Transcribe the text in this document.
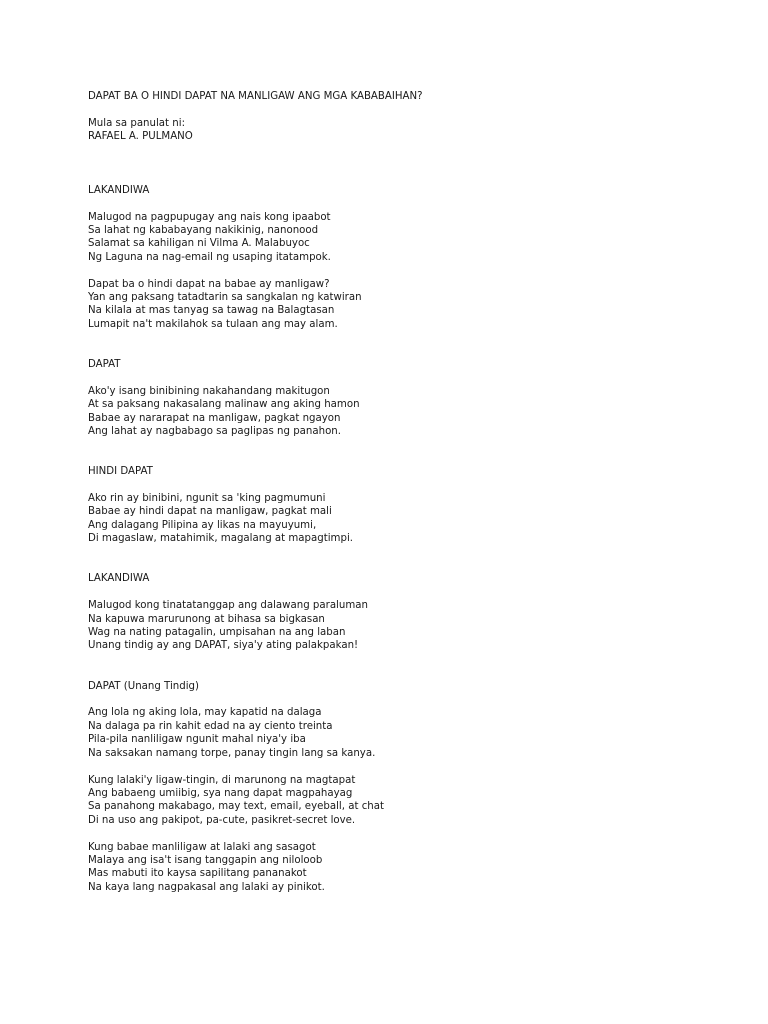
DAPAT BA O HINDI DAPAT NA MANLIGAW ANG MGA KABABAIHAN?
Mula sa panulat ni:
RAFAEL A. PULMANO
LAKANDIWA
Malugod na pagpupugay ang nais kong ipaabot
Sa lahat ng kababayang nakikinig, nanonood
Salamat sa kahiligan ni Vilma A. Malabuyoc
Ng Laguna na nag-email ng usaping itatampok.
Dapat ba o hindi dapat na babae ay manligaw?
Yan ang paksang tatadtarin sa sangkalan ng katwiran
Na kilala at mas tanyag sa tawag na Balagtasan
Lumapit na't makilahok sa tulaan ang may alam.
DAPAT
Ako'y isang binibining nakahandang makitugon
At sa paksang nakasalang malinaw ang aking hamon
Babae ay nararapat na manligaw, pagkat ngayon
Ang lahat ay nagbabago sa paglipas ng panahon.
HINDI DAPAT
Ako rin ay binibini, ngunit sa 'king pagmumuni
Babae ay hindi dapat na manligaw, pagkat mali
Ang dalagang Pilipina ay likas na mayuyumi,
Di magaslaw, matahimik, magalang at mapagtimpi.
LAKANDIWA
Malugod kong tinatatanggap ang dalawang paraluman
Na kapuwa marurunong at bihasa sa bigkasan
Wag na nating patagalin, umpisahan na ang laban
Unang tindig ay ang DAPAT, siya'y ating palakpakan!
DAPAT (Unang Tindig)
Ang lola ng aking lola, may kapatid na dalaga
Na dalaga pa rin kahit edad na ay ciento treinta
Pila-pila nanliligaw ngunit mahal niya'y iba
Na saksakan namang torpe, panay tingin lang sa kanya.
Kung lalaki'y ligaw-tingin, di marunong na magtapat
Ang babaeng umiibig, sya nang dapat magpahayag
Sa panahong makabago, may text, email, eyeball, at chat
Di na uso ang pakipot, pa-cute, pasikret-secret love.
Kung babae manliligaw at lalaki ang sasagot
Malaya ang isa't isang tanggapin ang niloloob
Mas mabuti ito kaysa sapilitang pananakot
Na kaya lang nagpakasal ang lalaki ay pinikot.
